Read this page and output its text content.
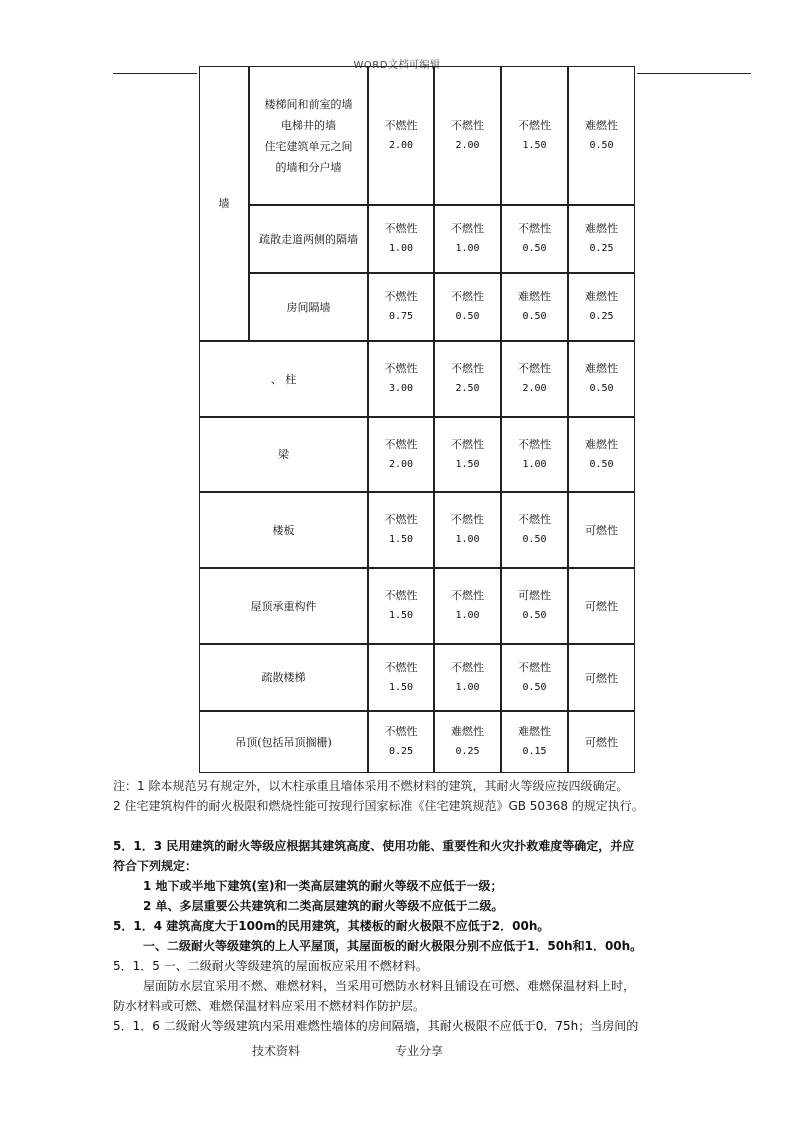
WORD文档可编辑
墙
楼梯间和前室的墙
电梯井的墙
住宅建筑单元之间
的墙和分户墙
不燃性
2.00
不燃性
2.00
不燃性
1.50
难燃性
0.50
疏散走道两侧的隔墙
不燃性
1.00
不燃性
1.00
不燃性
0.50
难燃性
0.25
房间隔墙
不燃性
0.75
不燃性
0.50
难燃性
0.50
难燃性
0.25
、 柱
不燃性
3.00
不燃性
2.50
不燃性
2.00
难燃性
0.50
梁
不燃性
2.00
不燃性
1.50
不燃性
1.00
难燃性
0.50
楼板
不燃性
1.50
不燃性
1.00
不燃性
0.50
可燃性
屋顶承重构件
不燃性
1.50
不燃性
1.00
可燃性
0.50
可燃性
疏散楼梯
不燃性
1.50
不燃性
1.00
不燃性
0.50
可燃性
吊顶(包括吊顶搁栅)
不燃性
0.25
难燃性
0.25
难燃性
0.15
可燃性

注：1 除本规范另有规定外，以木柱承重且墙体采用不燃材料的建筑，其耐火等级应按四级确定。

2 住宅建筑构件的耐火极限和燃烧性能可按现行国家标准《住宅建筑规范》GB 50368 的规定执行。

5．1．3 民用建筑的耐火等级应根据其建筑高度、使用功能、重要性和火灾扑救难度等确定，并应

符合下列规定：

1 地下或半地下建筑(室)和一类高层建筑的耐火等级不应低于一级；

2 单、多层重要公共建筑和二类高层建筑的耐火等级不应低于二级。

5．1．4 建筑高度大于100m的民用建筑，其楼板的耐火极限不应低于2．00h。

一、二级耐火等级建筑的上人平屋顶，其屋面板的耐火极限分别不应低于1．50h和1．00h。

5．1．5 一、二级耐火等级建筑的屋面板应采用不燃材料。

屋面防水层宜采用不燃、难燃材料，当采用可燃防水材料且铺设在可燃、难燃保温材料上时，

防水材料或可燃、难燃保温材料应采用不燃材料作防护层。

5．1．6 二级耐火等级建筑内采用难燃性墙体的房间隔墙，其耐火极限不应低于0．75h；当房间的

技术资料	专业分享
